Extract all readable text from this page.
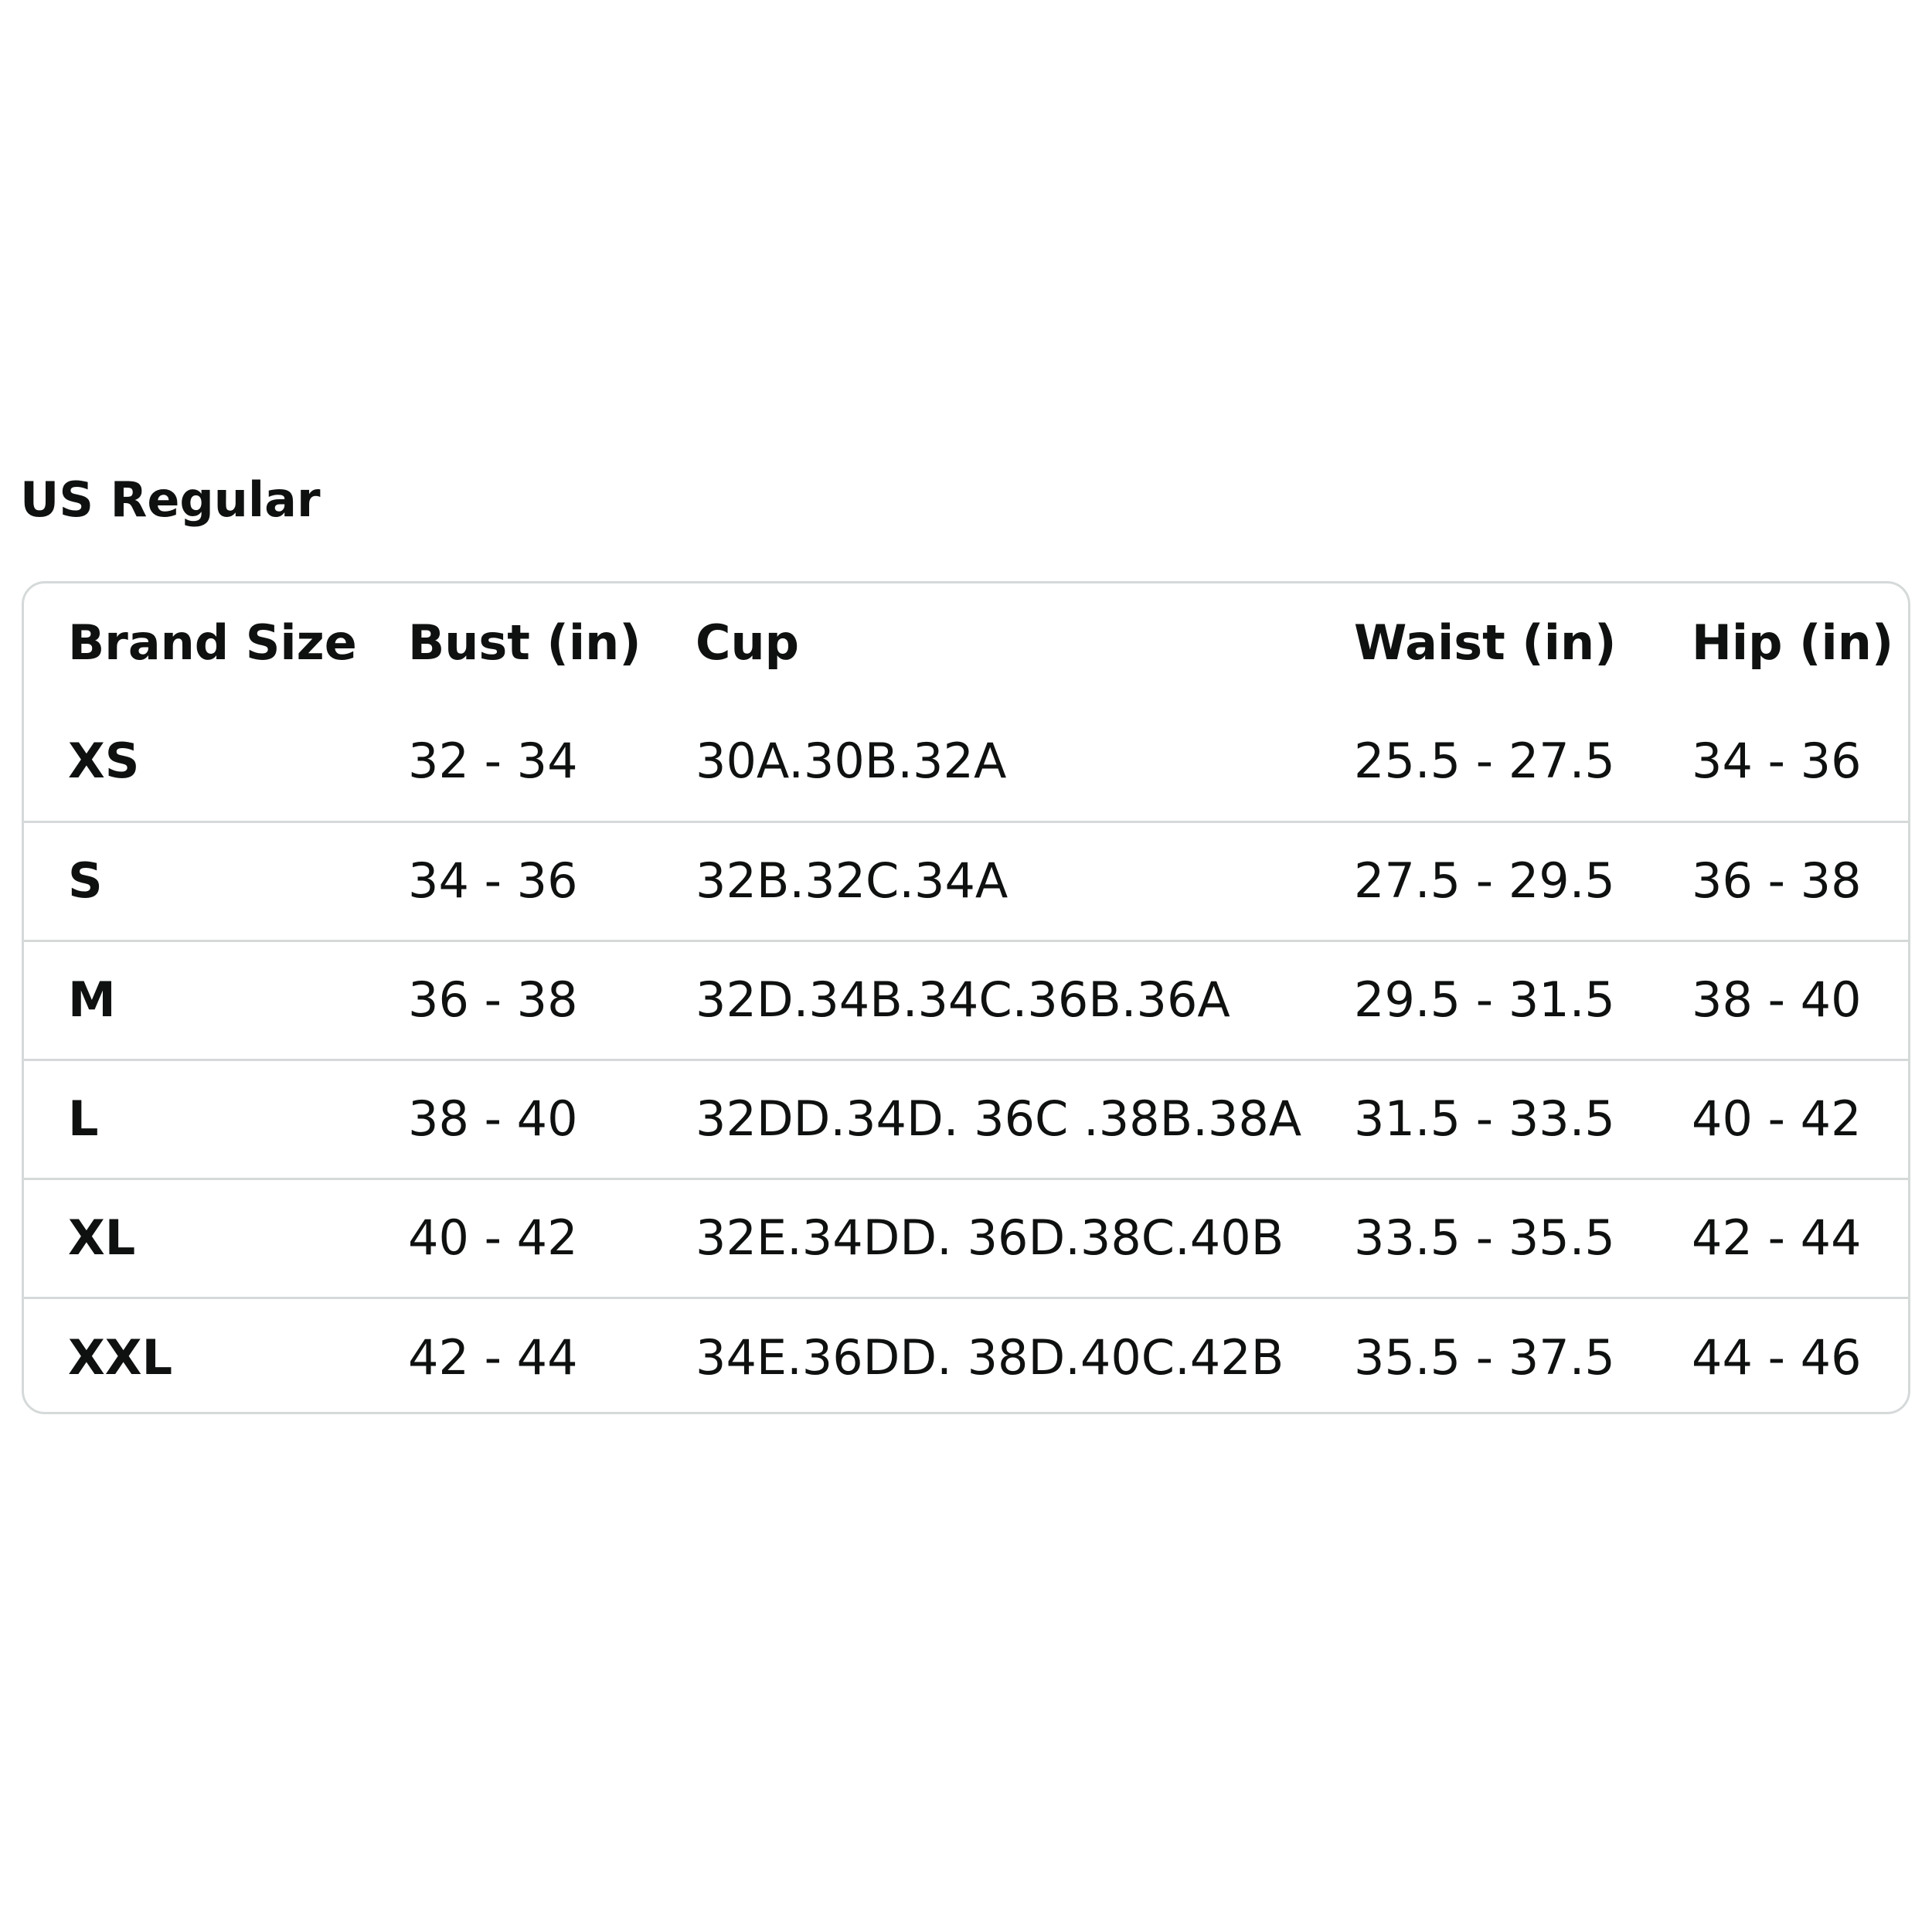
US Regular
Brand Size	Bust (in)	Cup	Waist (in)	Hip (in)
XS	32 - 34	30A.30B.32A	25.5 - 27.5	34 - 36
S	34 - 36	32B.32C.34A	27.5 - 29.5	36 - 38
M	36 - 38	32D.34B.34C.36B.36A	29.5 - 31.5	38 - 40
L	38 - 40	32DD.34D. 36C .38B.38A	31.5 - 33.5	40 - 42
XL	40 - 42	32E.34DD. 36D.38C.40B	33.5 - 35.5	42 - 44
XXL	42 - 44	34E.36DD. 38D.40C.42B	35.5 - 37.5	44 - 46
